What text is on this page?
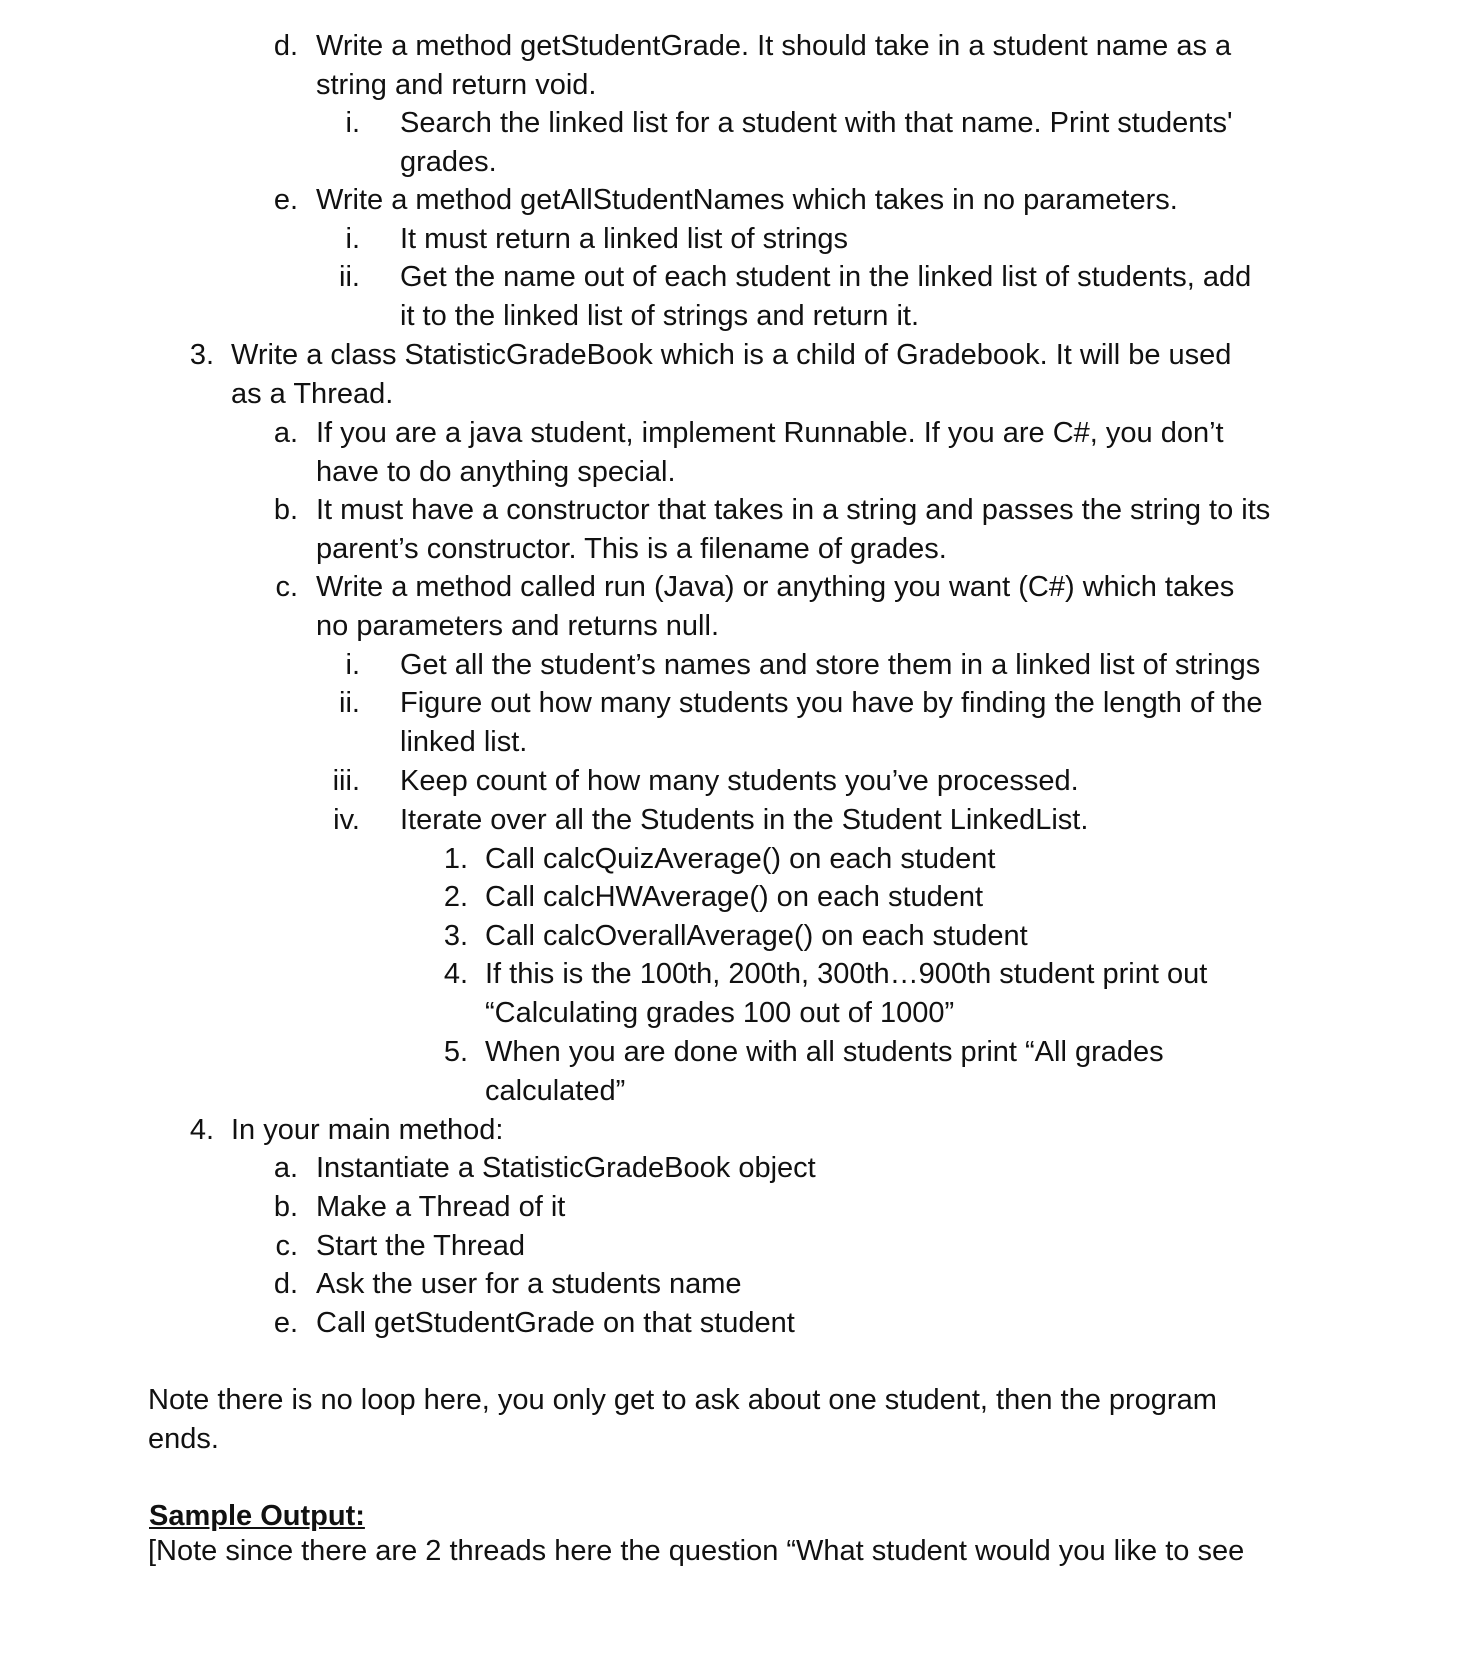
d. Write a method getStudentGrade. It should take in a student name as a
string and return void.
i. Search the linked list for a student with that name. Print students'
grades.
e. Write a method getAllStudentNames which takes in no parameters.
i. It must return a linked list of strings
ii. Get the name out of each student in the linked list of students, add
it to the linked list of strings and return it.
3. Write a class StatisticGradeBook which is a child of Gradebook. It will be used
as a Thread.
a. If you are a java student, implement Runnable. If you are C#, you don’t
have to do anything special.
b. It must have a constructor that takes in a string and passes the string to its
parent’s constructor. This is a filename of grades.
c. Write a method called run (Java) or anything you want (C#) which takes
no parameters and returns null.
i. Get all the student’s names and store them in a linked list of strings
ii. Figure out how many students you have by finding the length of the
linked list.
iii. Keep count of how many students you’ve processed.
iv. Iterate over all the Students in the Student LinkedList.
1. Call calcQuizAverage() on each student
2. Call calcHWAverage() on each student
3. Call calcOverallAverage() on each student
4. If this is the 100th, 200th, 300th…900th student print out
“Calculating grades 100 out of 1000”
5. When you are done with all students print “All grades
calculated”
4. In your main method:
a. Instantiate a StatisticGradeBook object
b. Make a Thread of it
c. Start the Thread
d. Ask the user for a students name
e. Call getStudentGrade on that student
Note there is no loop here, you only get to ask about one student, then the program
ends.
Sample Output:
[Note since there are 2 threads here the question “What student would you like to see
